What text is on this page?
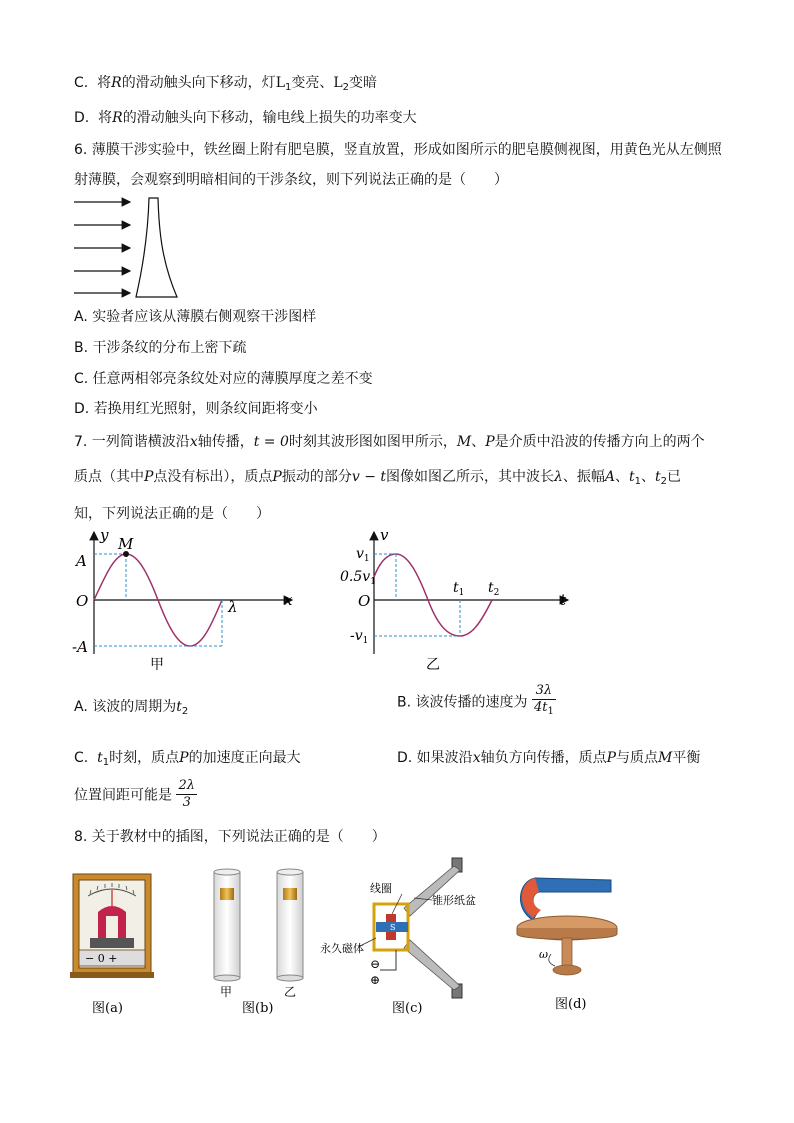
C. 将R的滑动触头向下移动，灯$L_1$变亮、$L_2$变暗
D. 将R的滑动触头向下移动，输电线上损失的功率变大
6. 薄膜干涉实验中，铁丝圈上附有肥皂膜，竖直放置，形成如图所示的肥皂膜侧视图，用黄色光从左侧照
射薄膜，会观察到明暗相间的干涉条纹，则下列说法正确的是（　　）
A. 实验者应该从薄膜右侧观察干涉图样
B. 干涉条纹的分布上密下疏
C. 任意两相邻亮条纹处对应的薄膜厚度之差不变
D. 若换用红光照射，则条纹间距将变小
7. 一列简谐横波沿x轴传播，t = 0时刻其波形图如图甲所示，M、P是介质中沿波的传播方向上的两个
质点（其中P点没有标出），质点P振动的部分v − t图像如图乙所示，其中波长λ、振幅A、$t_1$、$t_2$已
知，下列说法正确的是（　　）
y
x
M
A
O
-A
λ
甲
v
t
$v_1$
$0.5v_1$
O
$-v_1$
$t_1$ $t_2$
乙
A. 该波的周期为$t_2$
B. 该波传播的速度为 $\frac{3\lambda}{4t_1}$
C. $t_1$时刻，质点P的加速度正向最大	D. 如果波沿x轴负方向传播，质点P与质点M平衡
位置间距可能是 $\frac{2\lambda}{3}$
8. 关于教材中的插图，下列说法正确的是（　　）
− 0 +
图(a)
甲	乙
图(b)
S N
⊖
⊕
线圈
锥形纸盆
永久磁体
图(c)
ω
图(d)
